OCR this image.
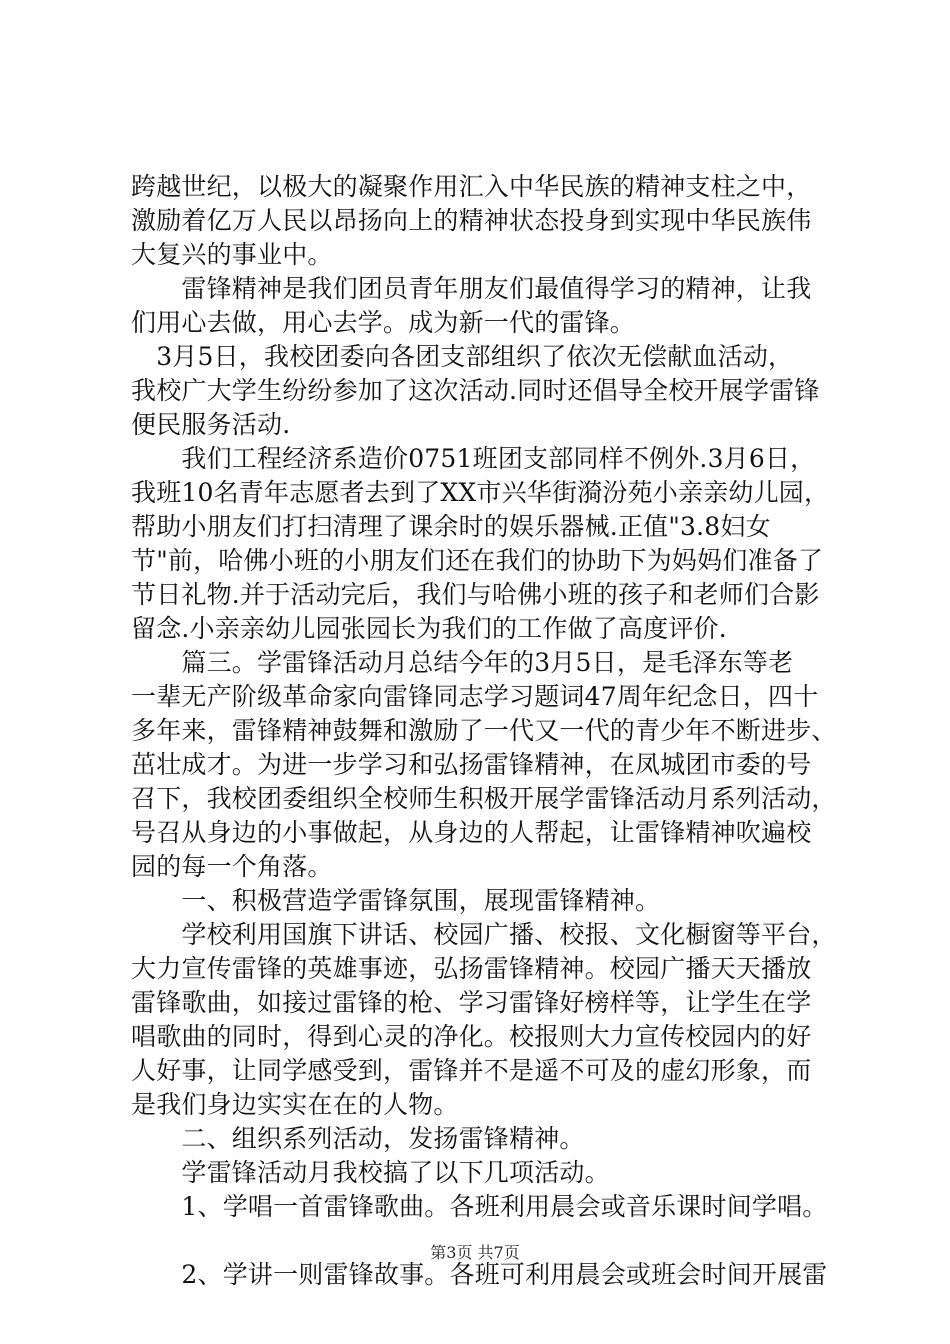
跨越世纪，以极大的凝聚作用汇入中华民族的精神支柱之中，
激励着亿万人民以昂扬向上的精神状态投身到实现中华民族伟
大复兴的事业中。
　　雷锋精神是我们团员青年朋友们最值得学习的精神，让我
们用心去做，用心去学。成为新一代的雷锋。
　3月5日，我校团委向各团支部组织了依次无偿献血活动，
我校广大学生纷纷参加了这次活动.同时还倡导全校开展学雷锋
便民服务活动.
　　我们工程经济系造价0751班团支部同样不例外.3月6日，
我班10名青年志愿者去到了XX市兴华街漪汾苑小亲亲幼儿园，
帮助小朋友们打扫清理了课余时的娱乐器械.正值"3.8妇女
节"前，哈佛小班的小朋友们还在我们的协助下为妈妈们准备了
节日礼物.并于活动完后，我们与哈佛小班的孩子和老师们合影
留念.小亲亲幼儿园张园长为我们的工作做了高度评价.
　　篇三。学雷锋活动月总结今年的3月5日，是毛泽东等老
一辈无产阶级革命家向雷锋同志学习题词47周年纪念日，四十
多年来，雷锋精神鼓舞和激励了一代又一代的青少年不断进步、
茁壮成才。为进一步学习和弘扬雷锋精神，在凤城团市委的号
召下，我校团委组织全校师生积极开展学雷锋活动月系列活动，
号召从身边的小事做起，从身边的人帮起，让雷锋精神吹遍校
园的每一个角落。
　　一、积极营造学雷锋氛围，展现雷锋精神。
　　学校利用国旗下讲话、校园广播、校报、文化橱窗等平台，
大力宣传雷锋的英雄事迹，弘扬雷锋精神。校园广播天天播放
雷锋歌曲，如接过雷锋的枪、学习雷锋好榜样等，让学生在学
唱歌曲的同时，得到心灵的净化。校报则大力宣传校园内的好
人好事，让同学感受到，雷锋并不是遥不可及的虚幻形象，而
是我们身边实实在在的人物。
　　二、组织系列活动，发扬雷锋精神。
　　学雷锋活动月我校搞了以下几项活动。
　　1、学唱一首雷锋歌曲。各班利用晨会或音乐课时间学唱。
　　2、学讲一则雷锋故事。各班可利用晨会或班会时间开展雷
第3页 共7页
